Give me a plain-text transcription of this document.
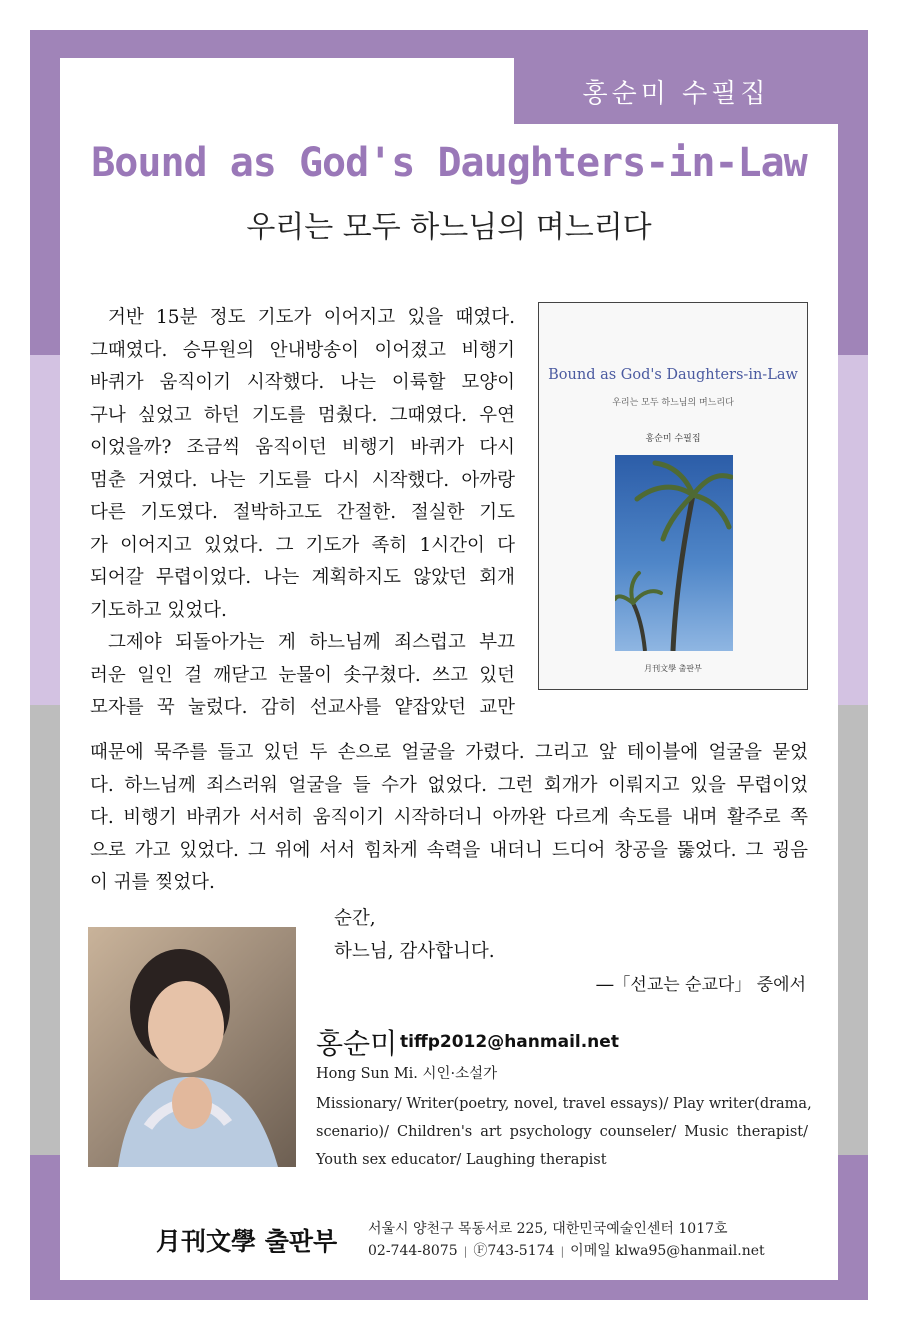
홍순미 수필집
Bound as God's Daughters-in-Law
우리는 모두 하느님의 며느리다
Bound as God's Daughters-in-Law
우리는 모두 하느님의 며느리다
홍순미 수필집
月刊文學 출판부
거반 15분 정도 기도가 이어지고 있을 때였다.
그때였다. 승무원의 안내방송이 이어졌고 비행기
바퀴가 움직이기 시작했다. 나는 이륙할 모양이
구나 싶었고 하던 기도를 멈췄다. 그때였다. 우연
이었을까? 조금씩 움직이던 비행기 바퀴가 다시
멈춘 거였다. 나는 기도를 다시 시작했다. 아까랑
다른 기도였다. 절박하고도 간절한. 절실한 기도
가 이어지고 있었다. 그 기도가 족히 1시간이 다
되어갈 무렵이었다. 나는 계획하지도 않았던 회개
기도하고 있었다.
그제야 되돌아가는 게 하느님께 죄스럽고 부끄
러운 일인 걸 깨닫고 눈물이 솟구쳤다. 쓰고 있던
모자를 꾹 눌렀다. 감히 선교사를 얕잡았던 교만
때문에 묵주를 들고 있던 두 손으로 얼굴을 가렸다. 그리고 앞 테이블에 얼굴을 묻었
다. 하느님께 죄스러워 얼굴을 들 수가 없었다. 그런 회개가 이뤄지고 있을 무렵이었
다. 비행기 바퀴가 서서히 움직이기 시작하더니 아까완 다르게 속도를 내며 활주로 쪽
으로 가고 있었다. 그 위에 서서 힘차게 속력을 내더니 드디어 창공을 뚫었다. 그 굉음
이 귀를 찢었다.
순간,
하느님, 감사합니다.
―「선교는 순교다」 중에서
홍순미 tiffp2012@hanmail.net
Hong Sun Mi. 시인·소설가
Missionary/ Writer(poetry, novel, travel essays)/ Play writer(drama,
scenario)/ Children's art psychology counseler/ Music therapist/
Youth sex educator/ Laughing therapist
月刊文學 출판부 서울시 양천구 목동서로 225, 대한민국예술인센터 1017호
02-744-8075 | Ⓕ743-5174 | 이메일 klwa95@hanmail.net
